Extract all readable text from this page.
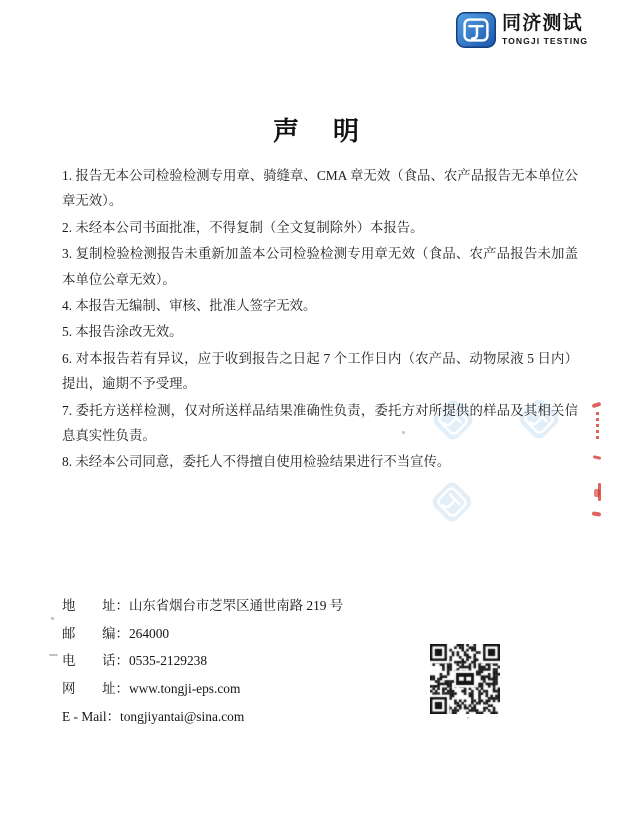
同济测试
TONGJI TESTING
声明

1. 报告无本公司检验检测专用章、骑缝章、CMA 章无效（食品、农产品报告无本单位公章无效）。

2. 未经本公司书面批准，不得复制（全文复制除外）本报告。

3. 复制检验检测报告未重新加盖本公司检验检测专用章无效（食品、农产品报告未加盖本单位公章无效）。

4. 本报告无编制、审核、批准人签字无效。

5. 本报告涂改无效。

6. 对本报告若有异议，应于收到报告之日起 7 个工作日内（农产品、动物尿液 5 日内）提出，逾期不予受理。

7. 委托方送样检测，仅对所送样品结果准确性负责，委托方对所提供的样品及其相关信息真实性负责。

8. 未经本公司同意，委托人不得擅自使用检验结果进行不当宣传。

地　　址：山东省烟台市芝罘区通世南路 219 号
邮　　编：264000
电　　话：0535-2129238
网　　址：www.tongji-eps.com
E - Mail：tongjiyantai@sina.com
